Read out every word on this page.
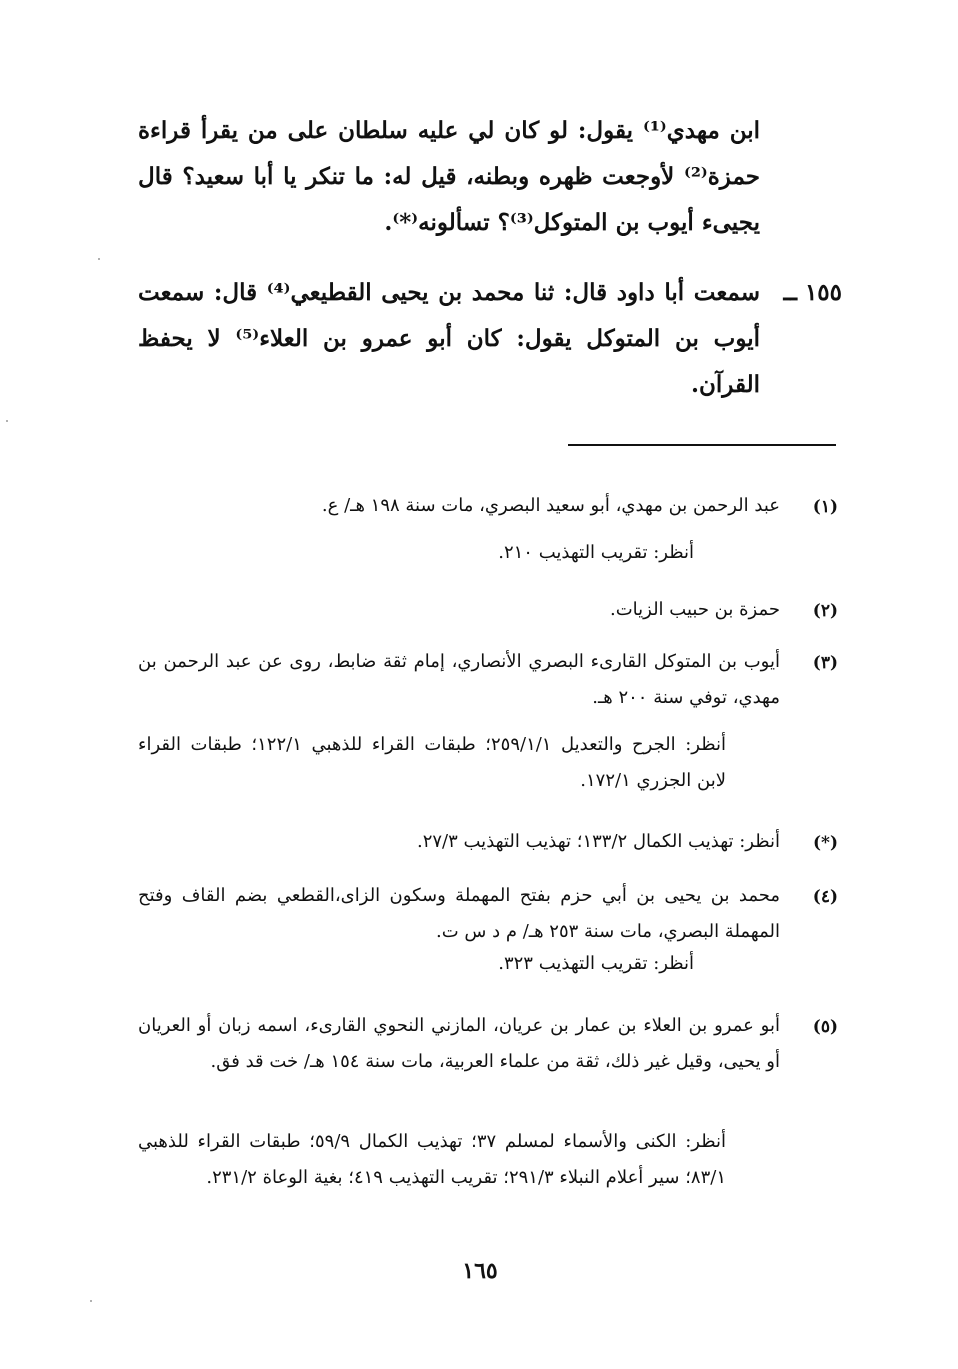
ابن مهدي⁽¹⁾ يقول: لو كان لي عليه سلطان على من يقرأ قراءة حمزة⁽²⁾ لأوجعت ظهره وبطنه، قيل له: ما تنكر يا أبا سعيد؟ قال يجيىء أيوب بن المتوكل⁽³⁾؟ تسألونه⁽*⁾.
١٥٥ ــ
سمعت أبا داود قال: ثنا محمد بن يحيى القطيعي⁽⁴⁾ قال: سمعت أيوب بن المتوكل يقول: كان أبو عمرو بن العلاء⁽⁵⁾ لا يحفظ القرآن.
(١)
عبد الرحمن بن مهدي، أبو سعيد البصري، مات سنة ١٩٨ هـ/ ع.
أنظر: تقريب التهذيب ٢١٠.
(٢)
حمزة بن حبيب الزيات.
(٣)
أيوب بن المتوكل القارىء البصري الأنصاري، إمام ثقة ضابط، روى عن عبد الرحمن بن مهدي، توفي سنة ٢٠٠ هـ.
أنظر: الجرح والتعديل ٢٥٩/١/١؛ طبقات القراء للذهبي ١٢٢/١؛ طبقات القراء لابن الجزري ١٧٢/١.
(*)
أنظر: تهذيب الكمال ١٣٣/٢؛ تهذيب التهذيب ٢٧/٣.
(٤)
محمد بن يحيى بن أبي حزم بفتح المهملة وسكون الزاى،القطعي بضم القاف وفتح المهملة البصري، مات سنة ٢٥٣ هـ/ م د س ت.
أنظر: تقريب التهذيب ٣٢٣.
(٥)
أبو عمرو بن العلاء بن عمار بن عريان، المازني النحوي القارىء، اسمه زبان أو العريان أو يحيى، وقيل غير ذلك، ثقة من علماء العربية، مات سنة ١٥٤ هـ/ خت قد فق.
أنظر: الكنى والأسماء لمسلم ٣٧؛ تهذيب الكمال ٥٩/٩؛ طبقات القراء للذهبي ٨٣/١؛ سير أعلام النبلاء ٢٩١/٣؛ تقريب التهذيب ٤١٩؛ بغية الوعاة ٢٣١/٢.
١٦٥
